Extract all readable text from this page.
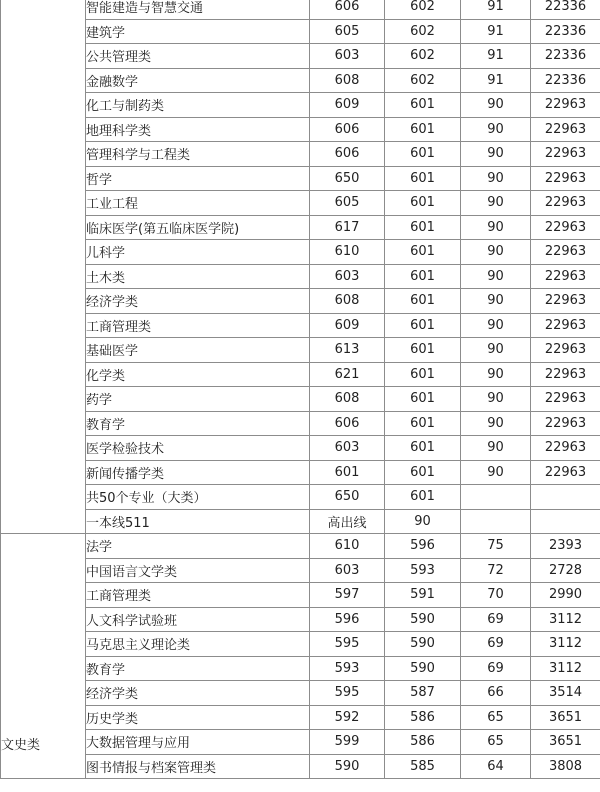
	智能建造与智慧交通	606	602	91	22336
	建筑学	605	602	91	22336
	公共管理类	603	602	91	22336
	金融数学	608	602	91	22336
	化工与制药类	609	601	90	22963
	地理科学类	606	601	90	22963
	管理科学与工程类	606	601	90	22963
	哲学	650	601	90	22963
	工业工程	605	601	90	22963
	临床医学(第五临床医学院)	617	601	90	22963
	儿科学	610	601	90	22963
	土木类	603	601	90	22963
	经济学类	608	601	90	22963
	工商管理类	609	601	90	22963
	基础医学	613	601	90	22963
	化学类	621	601	90	22963
	药学	608	601	90	22963
	教育学	606	601	90	22963
	医学检验技术	603	601	90	22963
	新闻传播学类	601	601	90	22963
	共50个专业（大类）	650	601		
	一本线511	高出线	90		
文史类	法学	610	596	75	2393
	中国语言文学类	603	593	72	2728
	工商管理类	597	591	70	2990
	人文科学试验班	596	590	69	3112
	马克思主义理论类	595	590	69	3112
	教育学	593	590	69	3112
	经济学类	595	587	66	3514
	历史学类	592	586	65	3651
	大数据管理与应用	599	586	65	3651
	图书情报与档案管理类	590	585	64	3808
